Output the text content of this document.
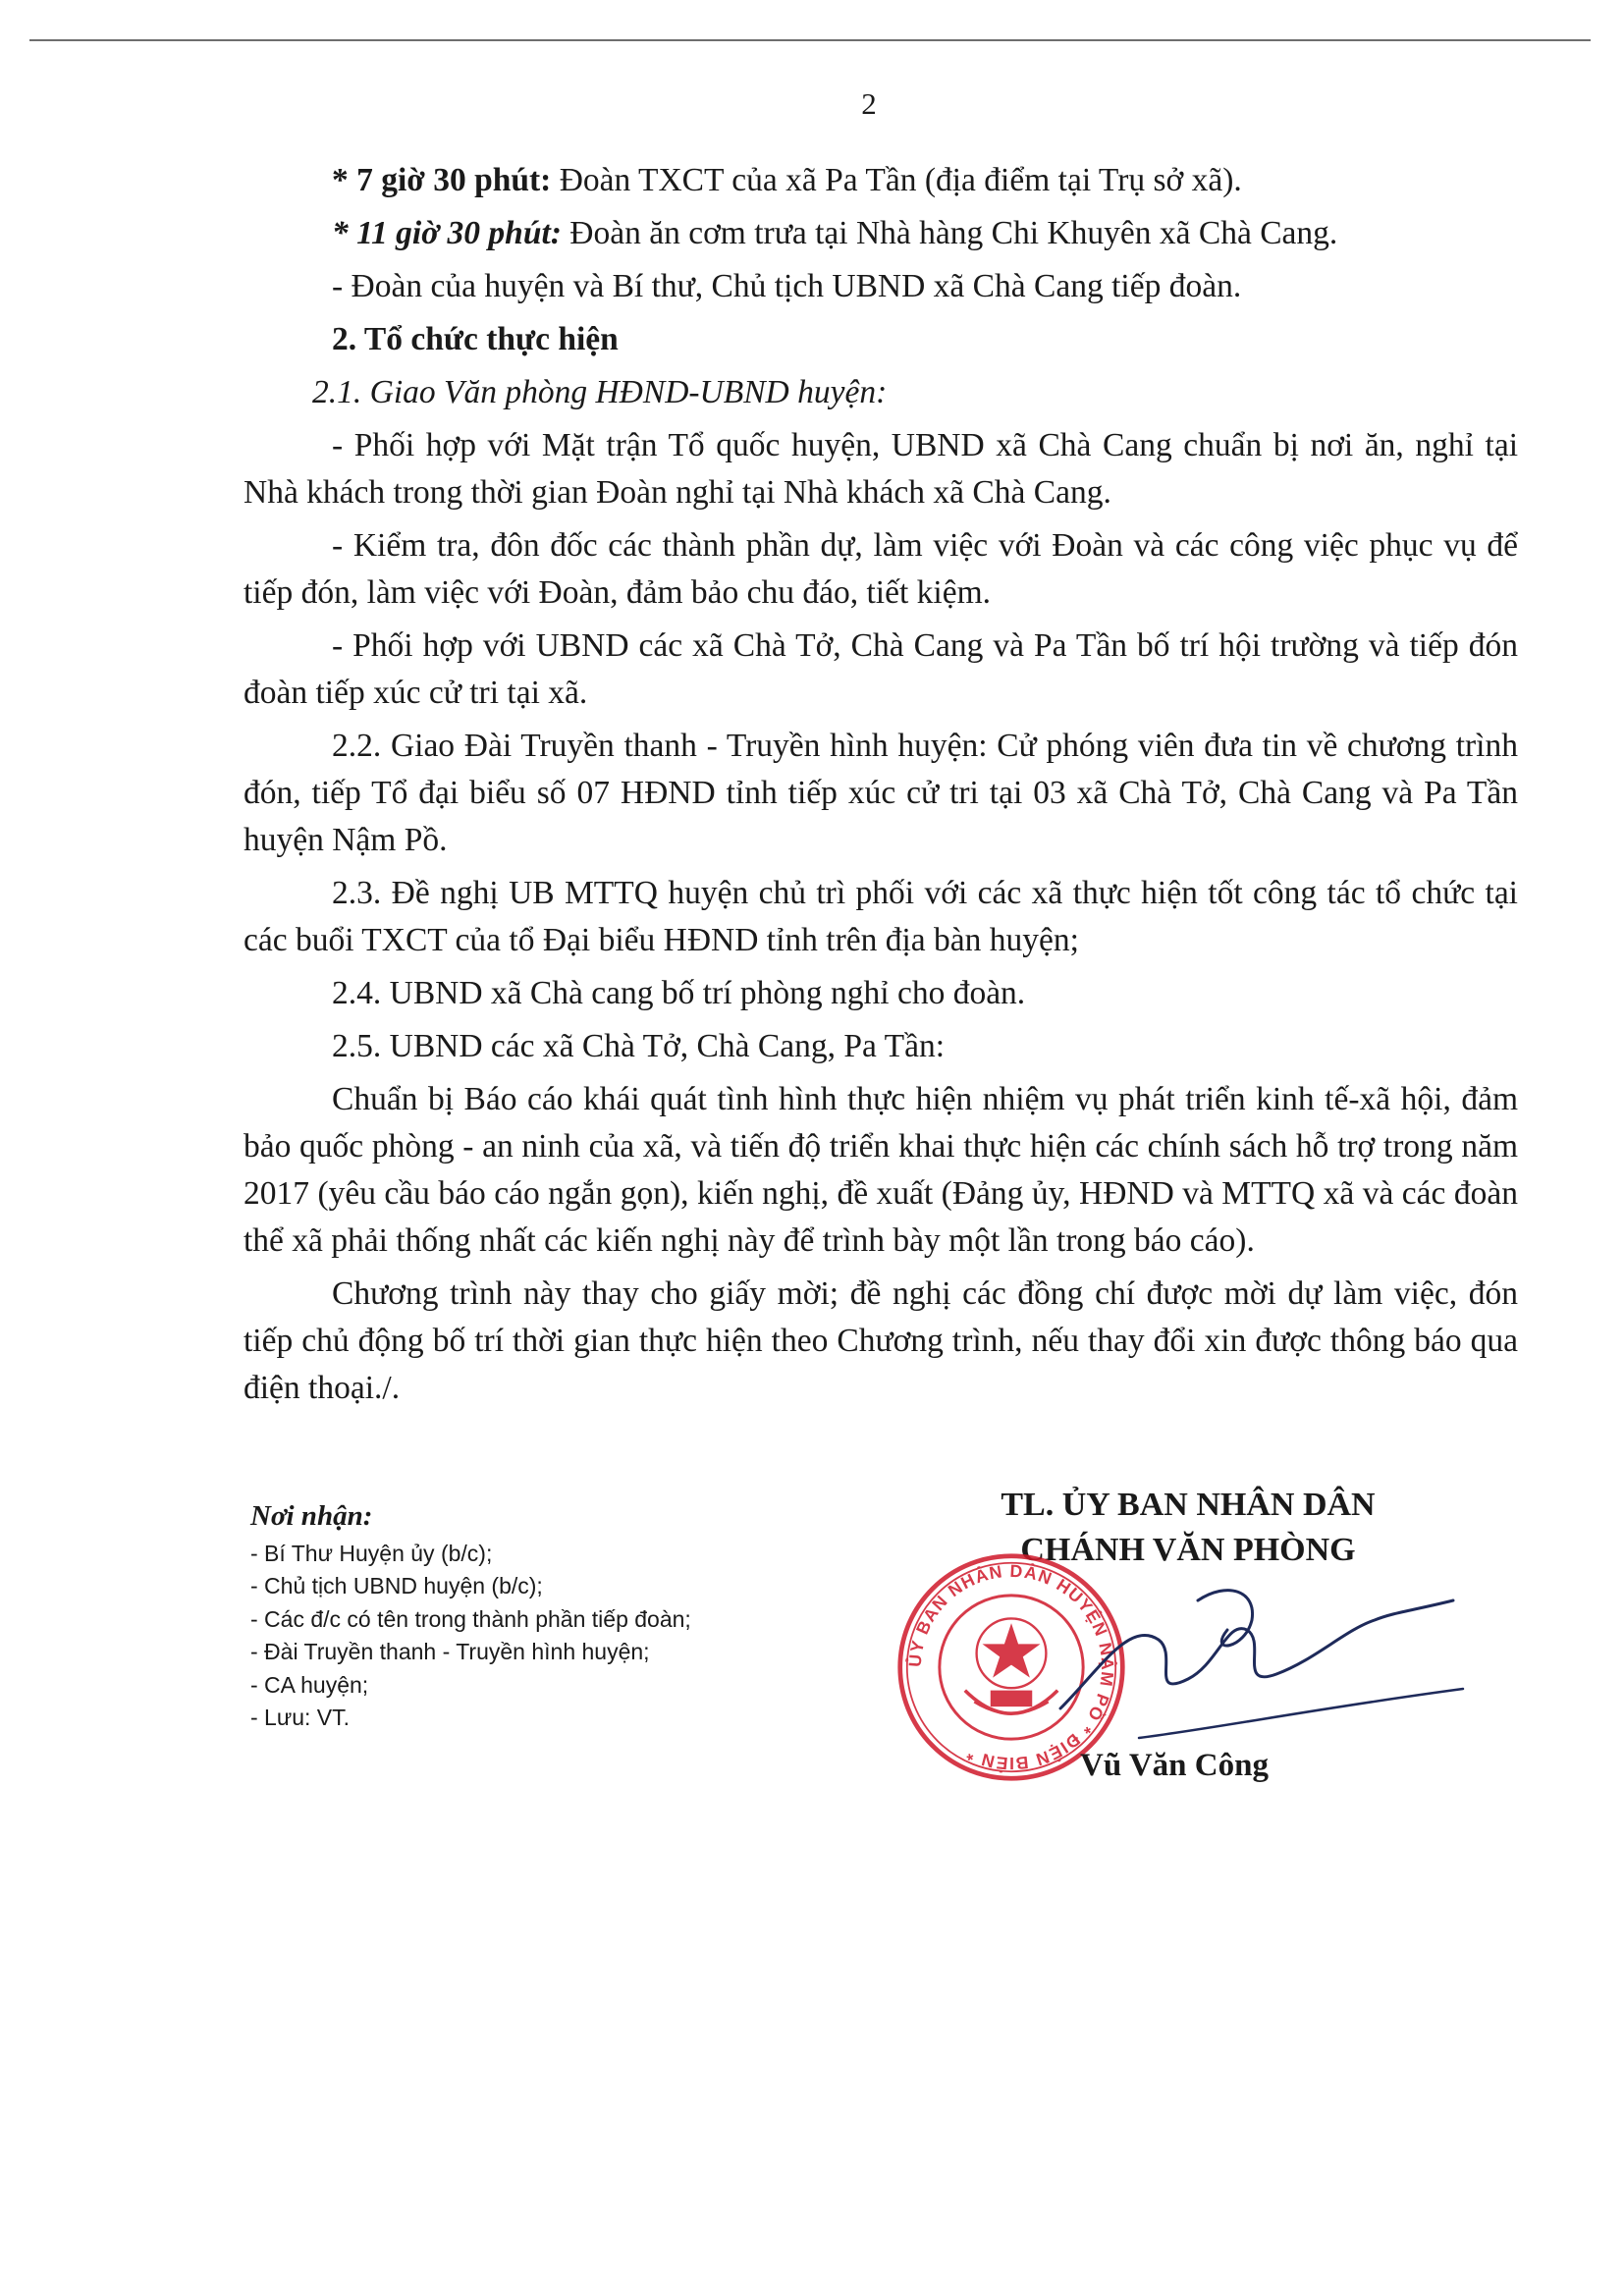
2

* 7 giờ 30 phút: Đoàn TXCT của xã Pa Tần (địa điểm tại Trụ sở xã).

* 11 giờ 30 phút: Đoàn ăn cơm trưa tại Nhà hàng Chi Khuyên xã Chà Cang.

- Đoàn của huyện và Bí thư, Chủ tịch UBND xã Chà Cang tiếp đoàn.

2. Tổ chức thực hiện

2.1. Giao Văn phòng HĐND-UBND huyện:

- Phối hợp với Mặt trận Tổ quốc huyện, UBND xã Chà Cang chuẩn bị nơi ăn, nghỉ tại Nhà khách trong thời gian Đoàn nghỉ tại Nhà khách xã Chà Cang.

- Kiểm tra, đôn đốc các thành phần dự, làm việc với Đoàn và các công việc phục vụ để tiếp đón, làm việc với Đoàn, đảm bảo chu đáo, tiết kiệm.

- Phối hợp với UBND các xã Chà Tở, Chà Cang và Pa Tần bố trí hội trường và tiếp đón đoàn tiếp xúc cử tri tại xã.

2.2. Giao Đài Truyền thanh - Truyền hình huyện: Cử phóng viên đưa tin về chương trình đón, tiếp Tổ đại biểu số 07 HĐND tỉnh tiếp xúc cử tri tại 03 xã Chà Tở, Chà Cang và Pa Tần huyện Nậm Pồ.

2.3. Đề nghị UB MTTQ huyện chủ trì phối với các xã thực hiện tốt công tác tổ chức tại các buổi TXCT của tổ Đại biểu HĐND tỉnh trên địa bàn huyện;

2.4. UBND xã Chà cang bố trí phòng nghỉ cho đoàn.

2.5. UBND các xã Chà Tở, Chà Cang, Pa Tần:

Chuẩn bị Báo cáo khái quát tình hình thực hiện nhiệm vụ phát triển kinh tế-xã hội, đảm bảo quốc phòng - an ninh của xã, và tiến độ triển khai thực hiện các chính sách hỗ trợ trong năm 2017 (yêu cầu báo cáo ngắn gọn), kiến nghị, đề xuất (Đảng ủy, HĐND và MTTQ xã và các đoàn thể xã phải thống nhất các kiến nghị này để trình bày một lần trong báo cáo).

Chương trình này thay cho giấy mời; đề nghị các đồng chí được mời dự làm việc, đón tiếp chủ động bố trí thời gian thực hiện theo Chương trình, nếu thay đổi xin được thông báo qua điện thoại./.

Nơi nhận:
- Bí Thư Huyện ủy (b/c);
- Chủ tịch UBND huyện (b/c);
- Các đ/c có tên trong thành phần tiếp đoàn;
- Đài Truyền thanh - Truyền hình huyện;
- CA huyện;
- Lưu: VT.
TL. ỦY BAN NHÂN DÂN
CHÁNH VĂN PHÒNG
ỦY BAN NHÂN DÂN HUYỆN NẬM PỒ * ĐIỆN BIÊN *	Vũ Văn Công
